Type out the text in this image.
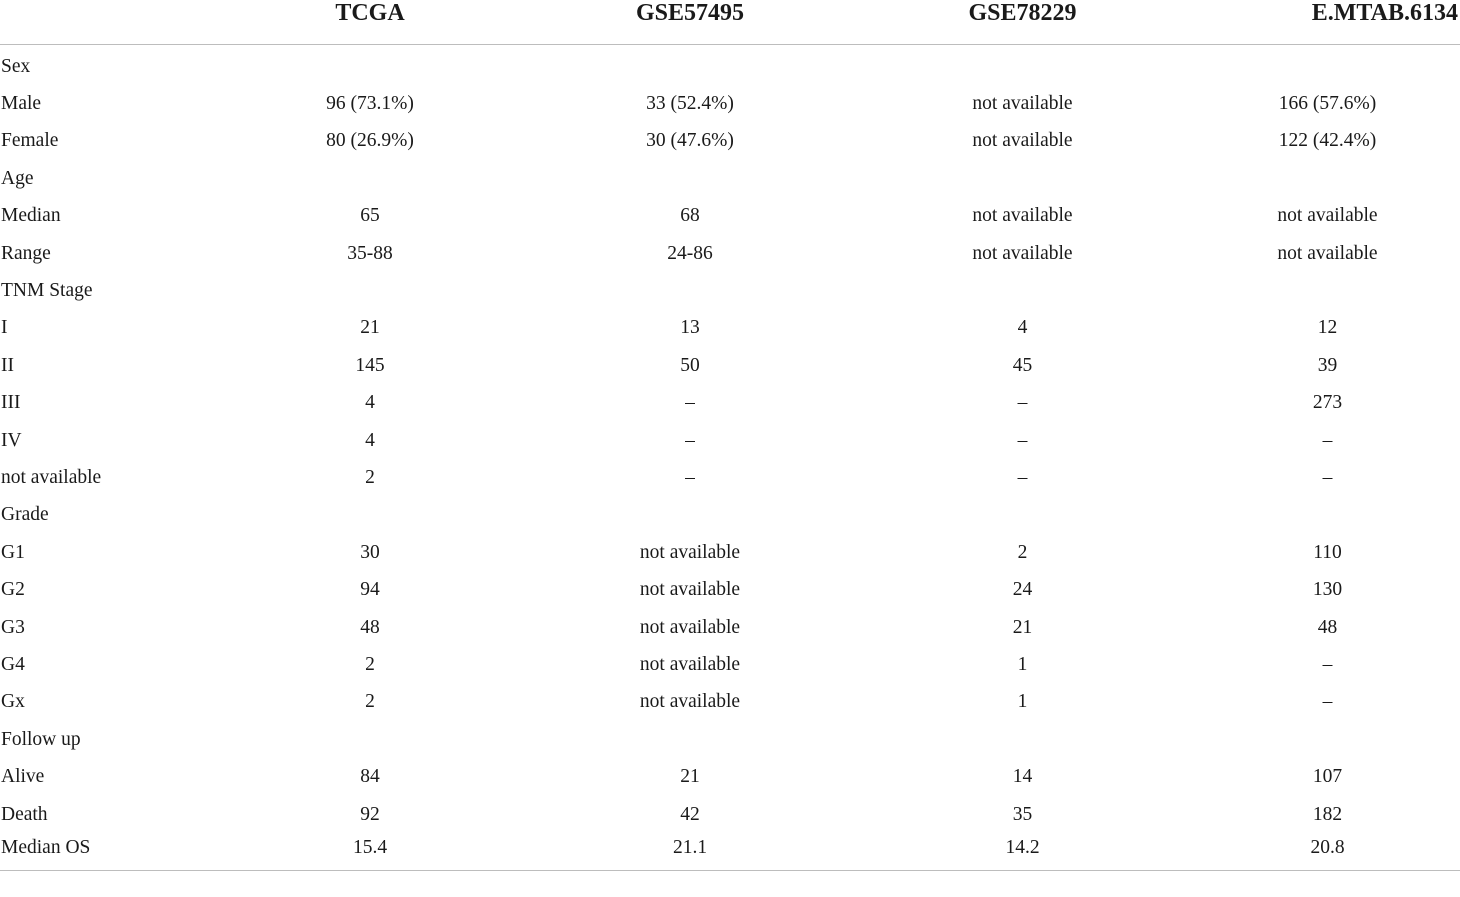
	TCGA	GSE57495	GSE78229	E.MTAB.6134
Sex				
Male	96 (73.1%)	33 (52.4%)	not available	166 (57.6%)
Female	80 (26.9%)	30 (47.6%)	not available	122 (42.4%)
Age				
Median	65	68	not available	not available
Range	35-88	24-86	not available	not available
TNM Stage				
I	21	13	4	12
II	145	50	45	39
III	4	–	–	273
IV	4	–	–	–
not available	2	–	–	–
Grade				
G1	30	not available	2	110
G2	94	not available	24	130
G3	48	not available	21	48
G4	2	not available	1	–
Gx	2	not available	1	–
Follow up				
Alive	84	21	14	107
Death	92	42	35	182
Median OS	15.4	21.1	14.2	20.8
